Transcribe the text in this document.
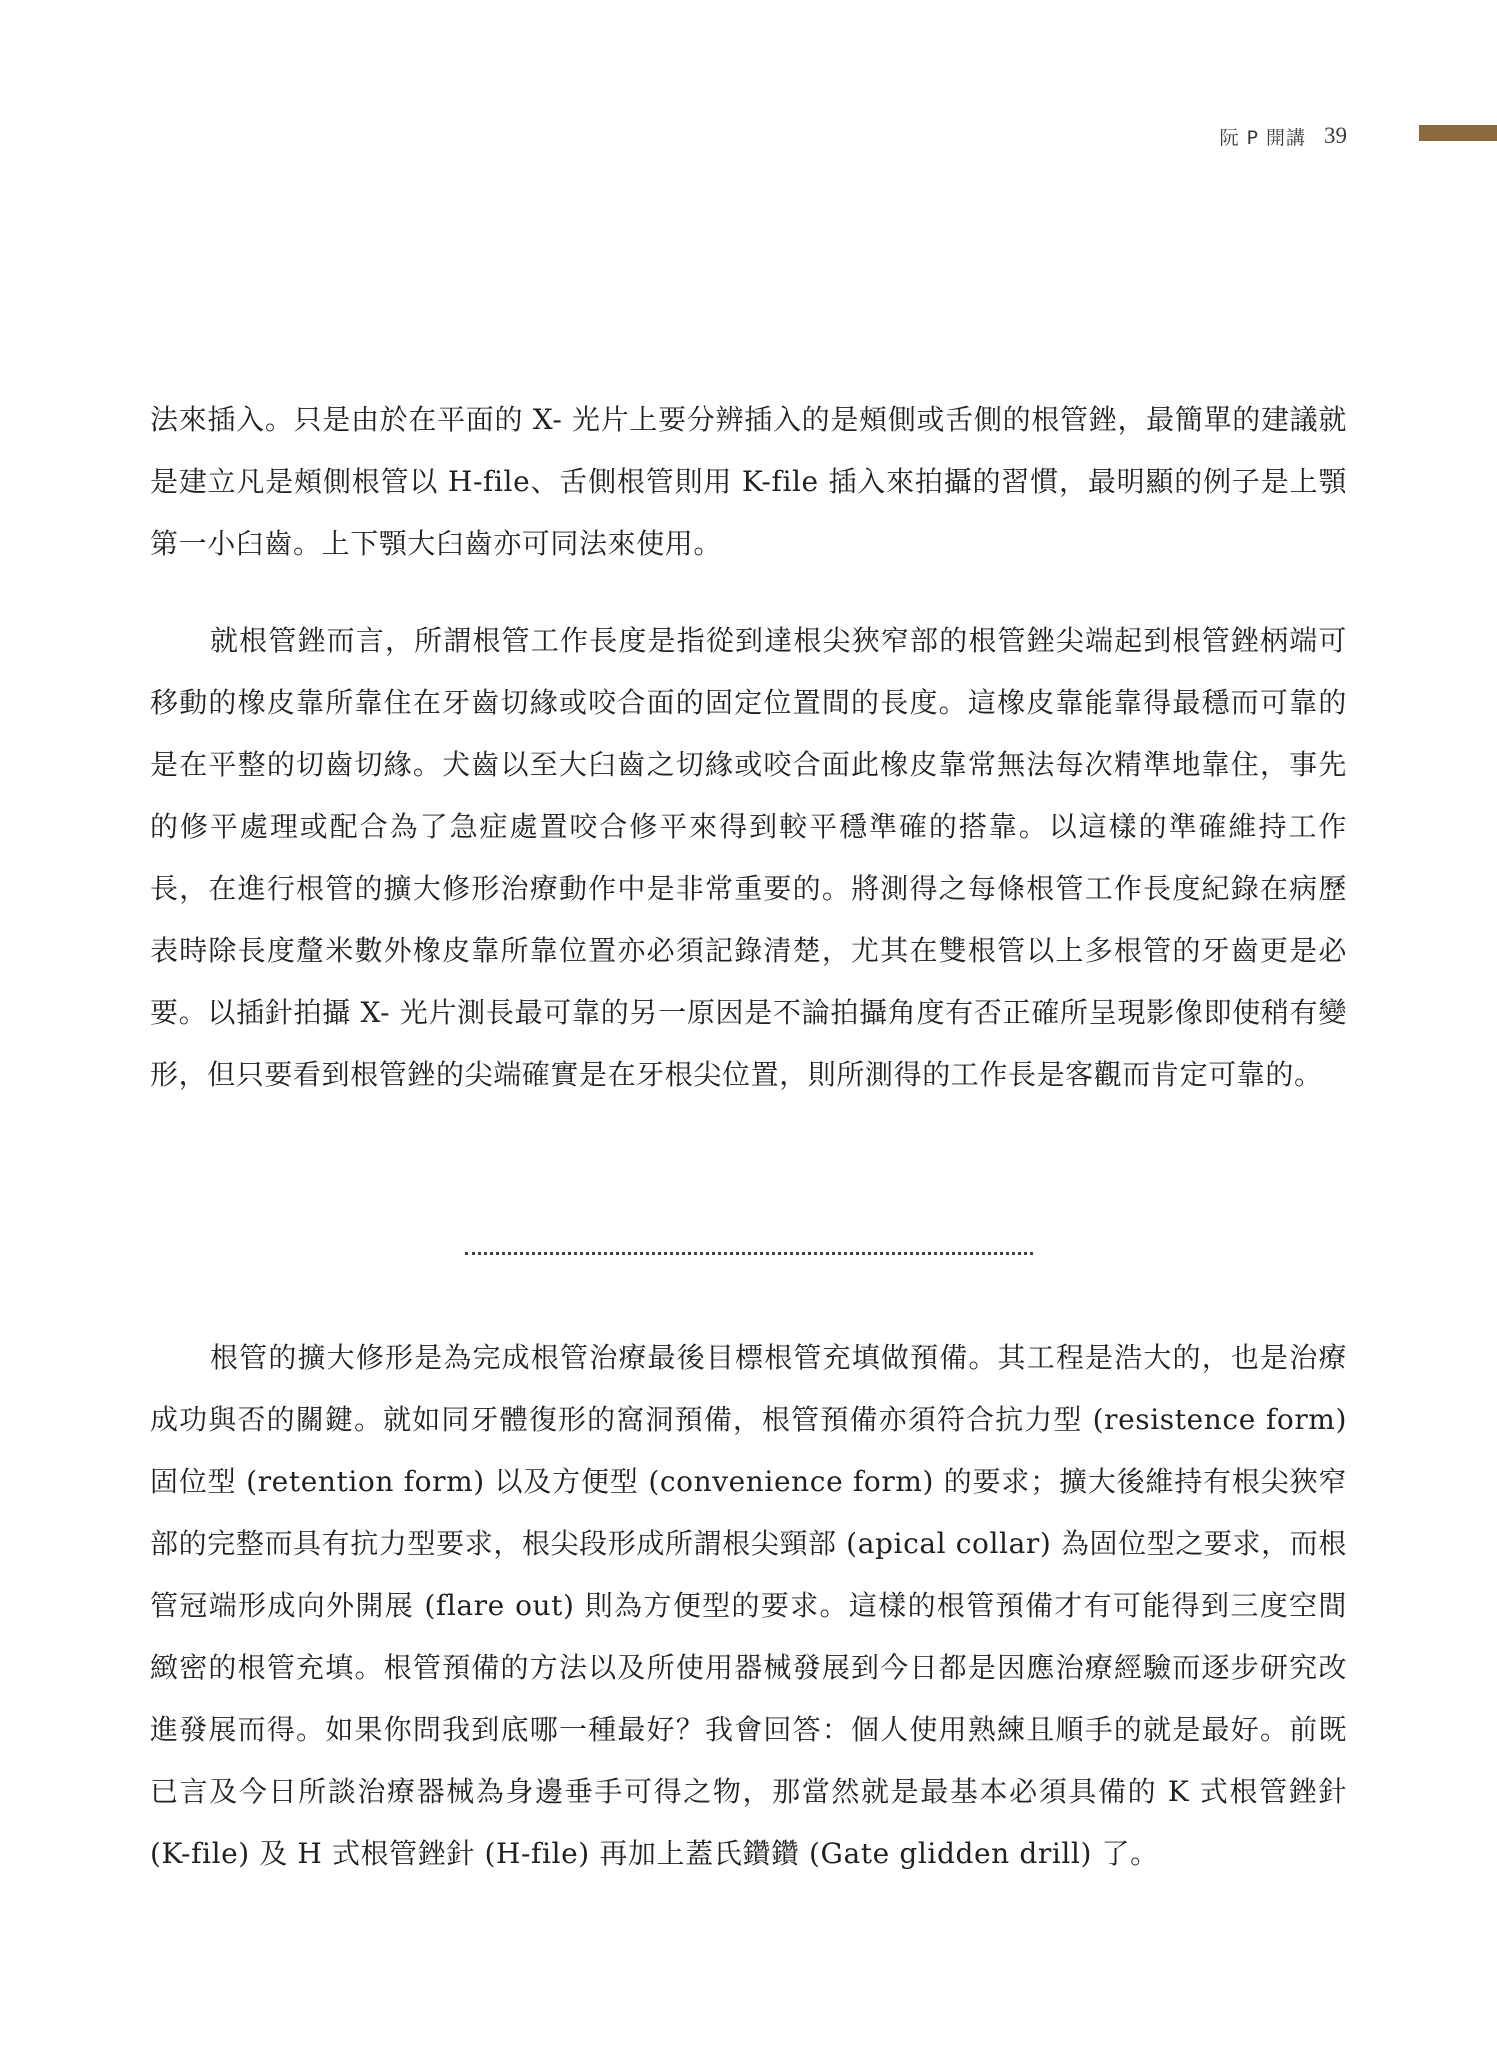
阮 P 開講 39

法來插入。只是由於在平面的 X- 光片上要分辨插入的是頰側或舌側的根管銼，最簡單的建議就是建立凡是頰側根管以 H-file、舌側根管則用 K-file 插入來拍攝的習慣，最明顯的例子是上顎第一小臼齒。上下顎大臼齒亦可同法來使用。

就根管銼而言，所謂根管工作長度是指從到達根尖狹窄部的根管銼尖端起到根管銼柄端可移動的橡皮靠所靠住在牙齒切緣或咬合面的固定位置間的長度。這橡皮靠能靠得最穩而可靠的是在平整的切齒切緣。犬齒以至大臼齒之切緣或咬合面此橡皮靠常無法每次精準地靠住，事先的修平處理或配合為了急症處置咬合修平來得到較平穩準確的搭靠。以這樣的準確維持工作長，在進行根管的擴大修形治療動作中是非常重要的。將測得之每條根管工作長度紀錄在病歷表時除長度釐米數外橡皮靠所靠位置亦必須記錄清楚，尤其在雙根管以上多根管的牙齒更是必要。以插針拍攝 X- 光片測長最可靠的另一原因是不論拍攝角度有否正確所呈現影像即使稍有變形，但只要看到根管銼的尖端確實是在牙根尖位置，則所測得的工作長是客觀而肯定可靠的。

根管的擴大修形是為完成根管治療最後目標根管充填做預備。其工程是浩大的，也是治療成功與否的關鍵。就如同牙體復形的窩洞預備，根管預備亦須符合抗力型 (resistence form) 固位型 (retention form) 以及方便型 (convenience form) 的要求；擴大後維持有根尖狹窄部的完整而具有抗力型要求，根尖段形成所謂根尖頸部 (apical collar) 為固位型之要求，而根管冠端形成向外開展 (flare out) 則為方便型的要求。這樣的根管預備才有可能得到三度空間緻密的根管充填。根管預備的方法以及所使用器械發展到今日都是因應治療經驗而逐步研究改進發展而得。如果你問我到底哪一種最好？我會回答：個人使用熟練且順手的就是最好。前既已言及今日所談治療器械為身邊垂手可得之物，那當然就是最基本必須具備的 K 式根管銼針 (K-file) 及 H 式根管銼針 (H-file) 再加上蓋氏鑽鑽 (Gate glidden drill) 了。
